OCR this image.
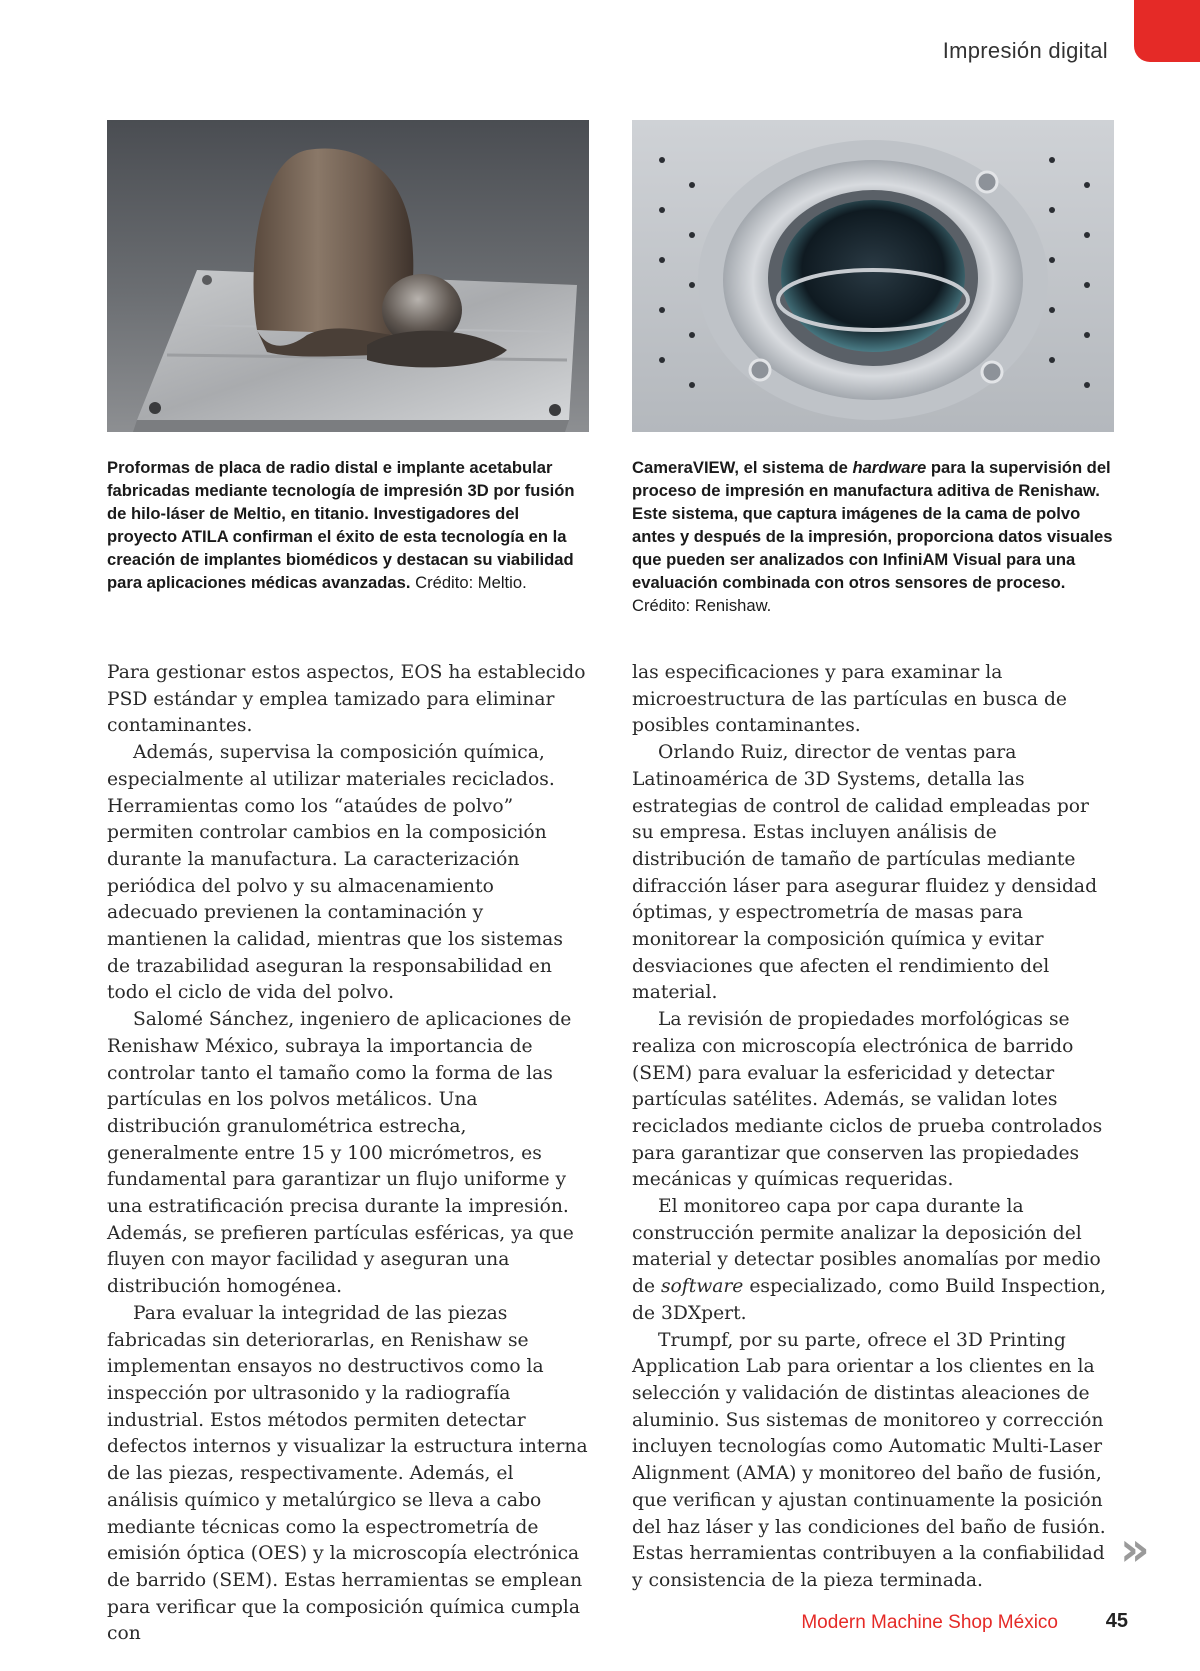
Impresión digital
Proformas de placa de radio distal e implante acetabular fabricadas mediante tecnología de impresión 3D por fusión de hilo-láser de Meltio, en titanio. Investigadores del proyecto ATILA confirman el éxito de esta tecnología en la creación de implantes biomédicos y destacan su viabilidad para aplicaciones médicas avanzadas. Crédito: Meltio.
CameraVIEW, el sistema de hardware para la supervisión del proceso de impresión en manufactura aditiva de Renishaw. Este sistema, que captura imágenes de la cama de polvo antes y después de la impresión, proporciona datos visuales que pueden ser analizados con InfiniAM Visual para una evaluación combinada con otros sensores de proceso. Crédito: Renishaw.

Para gestionar estos aspectos, EOS ha establecido PSD estándar y emplea tamizado para eliminar contaminantes.

Además, supervisa la composición química, especialmente al utilizar materiales reciclados. Herramientas como los “ataúdes de polvo” permiten controlar cambios en la composición durante la manufactura. La caracterización periódica del polvo y su almacenamiento adecuado previenen la contaminación y mantienen la calidad, mientras que los sistemas de trazabilidad aseguran la responsabilidad en todo el ciclo de vida del polvo.

Salomé Sánchez, ingeniero de aplicaciones de Renishaw México, subraya la importancia de controlar tanto el tamaño como la forma de las partículas en los polvos metálicos. Una distribución granulométrica estrecha, generalmente entre 15 y 100 micrómetros, es fundamental para garantizar un flujo uniforme y una estratificación precisa durante la impresión. Además, se prefieren partículas esféricas, ya que fluyen con mayor facilidad y aseguran una distribución homogénea.

Para evaluar la integridad de las piezas fabricadas sin deteriorarlas, en Renishaw se implementan ensayos no destructivos como la inspección por ultrasonido y la radiografía industrial. Estos métodos permiten detectar defectos internos y visualizar la estructura interna de las piezas, respectivamente. Además, el análisis químico y metalúrgico se lleva a cabo mediante técnicas como la espectrometría de emisión óptica (OES) y la microscopía electrónica de barrido (SEM). Estas herramientas se emplean para verificar que la composición química cumpla con

las especificaciones y para examinar la microestructura de las partículas en busca de posibles contaminantes.

Orlando Ruiz, director de ventas para Latinoamérica de 3D Systems, detalla las estrategias de control de calidad empleadas por su empresa. Estas incluyen análisis de distribución de tamaño de partículas mediante difracción láser para asegurar fluidez y densidad óptimas, y espectrometría de masas para monitorear la composición química y evitar desviaciones que afecten el rendimiento del material.

La revisión de propiedades morfológicas se realiza con microscopía electrónica de barrido (SEM) para evaluar la esfericidad y detectar partículas satélites. Además, se validan lotes reciclados mediante ciclos de prueba controlados para garantizar que conserven las propiedades mecánicas y químicas requeridas.

El monitoreo capa por capa durante la construcción permite analizar la deposición del material y detectar posibles anomalías por medio de software especializado, como Build Inspection, de 3DXpert.

Trumpf, por su parte, ofrece el 3D Printing Application Lab para orientar a los clientes en la selección y validación de distintas aleaciones de aluminio. Sus sistemas de monitoreo y corrección incluyen tecnologías como Automatic Multi-Laser Alignment (AMA) y monitoreo del baño de fusión, que verifican y ajustan continuamente la posición del haz láser y las condiciones del baño de fusión. Estas herramientas contribuyen a la confiabilidad y consistencia de la pieza terminada.

»
Modern Machine Shop México 45
